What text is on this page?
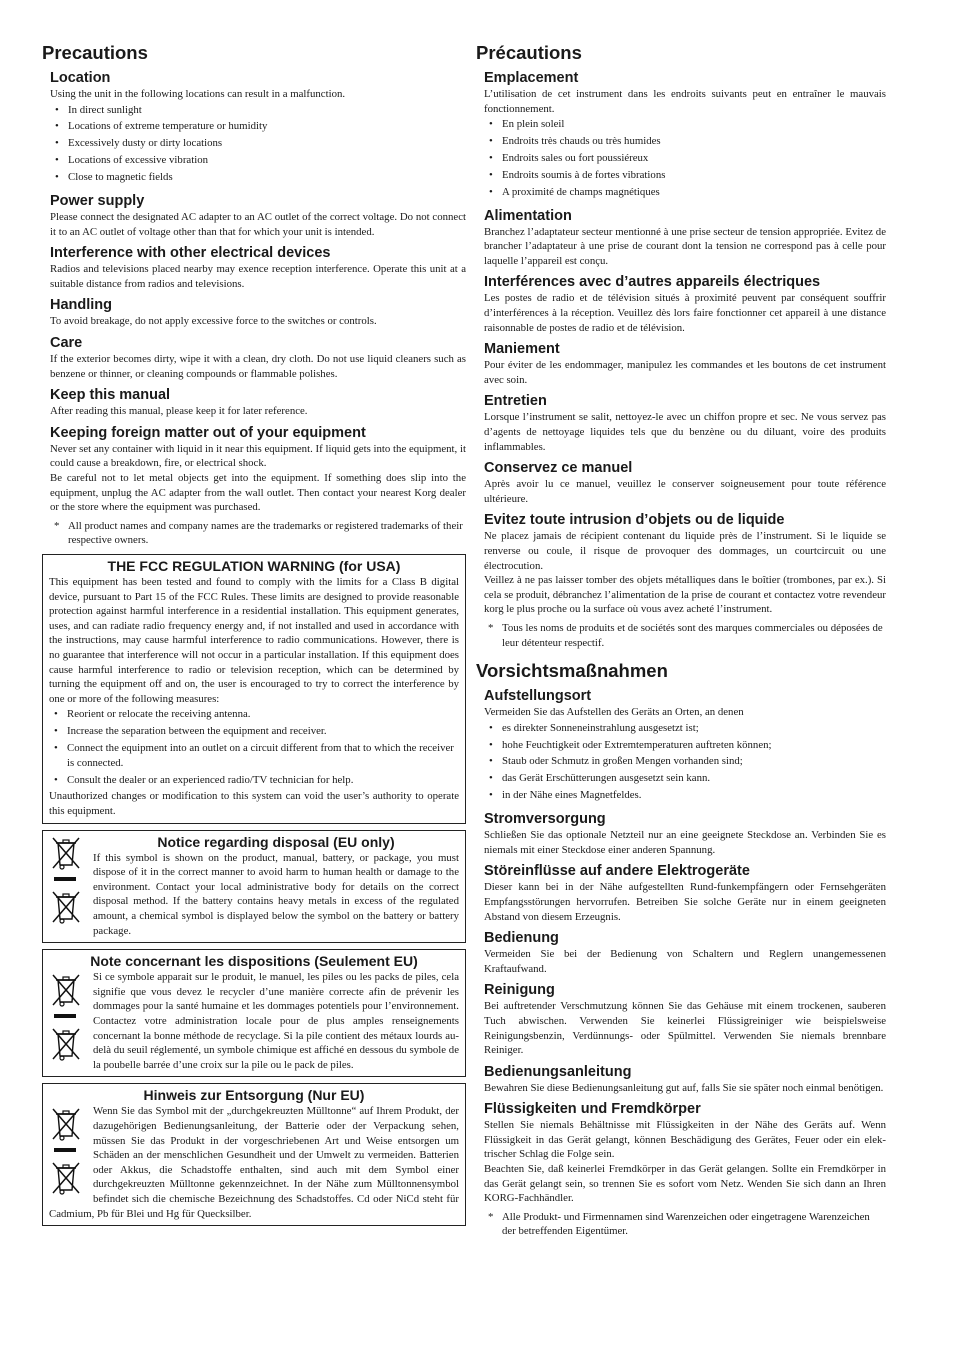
Precautions
Location

Using the unit in the following locations can result in a malfunction.

• In direct sunlight
• Locations of extreme temperature or humidity
• Excessively dusty or dirty locations
• Locations of excessive vibration
• Close to magnetic fields
Power supply

Please connect the designated AC adapter to an AC outlet of the correct voltage. Do not connect it to an AC outlet of voltage other than that for which your unit is intended.

Interference with other electrical devices

Radios and televisions placed nearby may exence reception interference. Operate this unit at a suitable distance from radios and televisions.

Handling

To avoid breakage, do not apply excessive force to the switches or controls.

Care

If the exterior becomes dirty, wipe it with a clean, dry cloth. Do not use liquid cleaners such as benzene or thinner, or cleaning compounds or flammable polishes.

Keep this manual

After reading this manual, please keep it for later reference.

Keeping foreign matter out of your equipment

Never set any container with liquid in it near this equipment. If liquid gets into the equipment, it could cause a breakdown, fire, or electrical shock.

Be careful not to let metal objects get into the equipment. If something does slip into the equipment, unplug the AC adapter from the wall outlet. Then contact your nearest Korg dealer or the store where the equipment was purchased.

* All product names and company names are the trademarks or registered trademarks of their respective owners.
THE FCC REGULATION WARNING (for USA)

This equipment has been tested and found to comply with the limits for a Class B digital device, pursuant to Part 15 of the FCC Rules. These limits are designed to provide reasonable protection against harmful interference in a residential installation. This equipment generates, uses, and can radiate radio frequency energy and, if not installed and used in accordance with the instructions, may cause harmful interference to radio communications. However, there is no guarantee that interference will not occur in a particular installation. If this equipment does cause harmful interference to radio or television reception, which can be determined by turning the equipment off and on, the user is encouraged to try to correct the interference by one or more of the following measures:

• Reorient or relocate the receiving antenna.
• Increase the separation between the equipment and receiver.
• Connect the equipment into an outlet on a circuit different from that to which the receiver is connected.
• Consult the dealer or an experienced radio/TV technician for help.

Unauthorized changes or modification to this system can void the user’s authority to operate this equipment.

Notice regarding disposal (EU only)

If this symbol is shown on the product, manual, battery, or package, you must dispose of it in the correct manner to avoid harm to human health or damage to the environment. Contact your local administrative body for details on the correct disposal method. If the battery contains heavy metals in excess of the regulated amount, a chemical symbol is displayed below the symbol on the battery or battery package.

Note concernant les dispositions (Seulement EU)

Si ce symbole apparait sur le produit, le manuel, les piles ou les packs de piles, cela signifie que vous devez le recycler d’une manière correcte afin de prévenir les dommages pour la santé humaine et les dommages potentiels pour l’environnement. Contactez votre administration locale pour de plus amples renseignements concernant la bonne méthode de recyclage. Si la pile contient des métaux lourds au-delà du seuil réglementé, un symbole chimique est affiché en dessous du symbole de la poubelle barrée d’une croix sur la pile ou le pack de piles.

Hinweis zur Entsorgung (Nur EU)

Wenn Sie das Symbol mit der „durchgekreuzten Mülltonne“ auf Ihrem Produkt, der dazugehörigen Bedienungsanleitung, der Batterie oder der Verpackung sehen, müssen Sie das Produkt in der vorgeschriebenen Art und Weise entsorgen um Schäden an der menschlichen Gesundheit und der Umwelt zu vermeiden. Batterien oder Akkus, die Schadstoffe enthalten, sind auch mit dem Symbol einer durchgekreuzten Mülltonne gekennzeichnet. In der Nähe zum Mülltonnensymbol befindet sich die chemische Bezeichnung des Schadstoffes. Cd oder NiCd steht für Cadmium, Pb für Blei und Hg für Quecksilber.

Précautions
Emplacement

L’utilisation de cet instrument dans les endroits suivants peut en entraîner le mauvais fonctionnement.

• En plein soleil
• Endroits très chauds ou très humides
• Endroits sales ou fort poussiéreux
• Endroits soumis à de fortes vibrations
• A proximité de champs magnétiques
Alimentation

Branchez l’adaptateur secteur mentionné à une prise secteur de tension appropriée. Evitez de brancher l’adaptateur à une prise de courant dont la tension ne correspond pas à celle pour laquelle l’appareil est conçu.

Interférences avec d’autres appareils électriques

Les postes de radio et de télévision situés à proximité peuvent par conséquent souffrir d’interférences à la réception. Veuillez dès lors faire fonctionner cet appareil à une distance raisonnable de postes de radio et de télévision.

Maniement

Pour éviter de les endommager, manipulez les commandes et les boutons de cet instrument avec soin.

Entretien

Lorsque l’instrument se salit, nettoyez-le avec un chiffon propre et sec. Ne vous servez pas d’agents de nettoyage liquides tels que du benzène ou du diluant, voire des produits inflammables.

Conservez ce manuel

Après avoir lu ce manuel, veuillez le conserver soigneusement pour toute référence ultérieure.

Evitez toute intrusion d’objets ou de liquide

Ne placez jamais de récipient contenant du liquide près de l’instrument. Si le liquide se renverse ou coule, il risque de provoquer des dommages, un courtcircuit ou une électrocution.

Veillez à ne pas laisser tomber des objets métalliques dans le boîtier (trombones, par ex.). Si cela se produit, débranchez l’alimentation de la prise de courant et contactez votre revendeur korg le plus proche ou la surface où vous avez acheté l’instrument.

* Tous les noms de produits et de sociétés sont des marques commerciales ou déposées de leur détenteur respectif.
Vorsichtsmaßnahmen
Aufstellungsort

Vermeiden Sie das Aufstellen des Geräts an Orten, an denen

• es direkter Sonneneinstrahlung ausgesetzt ist;
• hohe Feuchtigkeit oder Extremtemperaturen auftreten können;
• Staub oder Schmutz in großen Mengen vorhanden sind;
• das Gerät Erschütterungen ausgesetzt sein kann.
• in der Nähe eines Magnetfeldes.
Stromversorgung

Schließen Sie das optionale Netzteil nur an eine geeignete Steckdose an. Verbinden Sie es niemals mit einer Steckdose einer anderen Spannung.

Störeinflüsse auf andere Elektrogeräte

Dieser kann bei in der Nähe aufgestellten Rund-funkempfängern oder Fernsehgeräten Empfangsstörungen hervorrufen. Betreiben Sie solche Geräte nur in einem geeigneten Abstand von diesem Erzeugnis.

Bedienung

Vermeiden Sie bei der Bedienung von Schaltern und Reglern unangemessenen Kraftaufwand.

Reinigung

Bei auftretender Verschmutzung können Sie das Gehäuse mit einem trockenen, sauberen Tuch abwischen. Verwenden Sie keinerlei Flüssigreiniger wie beispielsweise Reinigungsbenzin, Verdünnungs- oder Spülmittel. Verwenden Sie niemals brennbare Reiniger.

Bedienungsanleitung

Bewahren Sie diese Bedienungsanleitung gut auf, falls Sie sie später noch einmal benötigen.

Flüssigkeiten und Fremdkörper

Stellen Sie niemals Behältnisse mit Flüssigkeiten in der Nähe des Geräts auf. Wenn Flüssigkeit in das Gerät gelangt, können Beschädigung des Gerätes, Feuer oder ein elek-trischer Schlag die Folge sein.

Beachten Sie, daß keinerlei Fremdkörper in das Gerät gelangen. Sollte ein Fremdkörper in das Gerät gelangt sein, so trennen Sie es sofort vom Netz. Wenden Sie sich dann an Ihren KORG-Fachhändler.

* Alle Produkt- und Firmennamen sind Warenzeichen oder eingetragene Warenzeichen der betreffenden Eigentümer.
